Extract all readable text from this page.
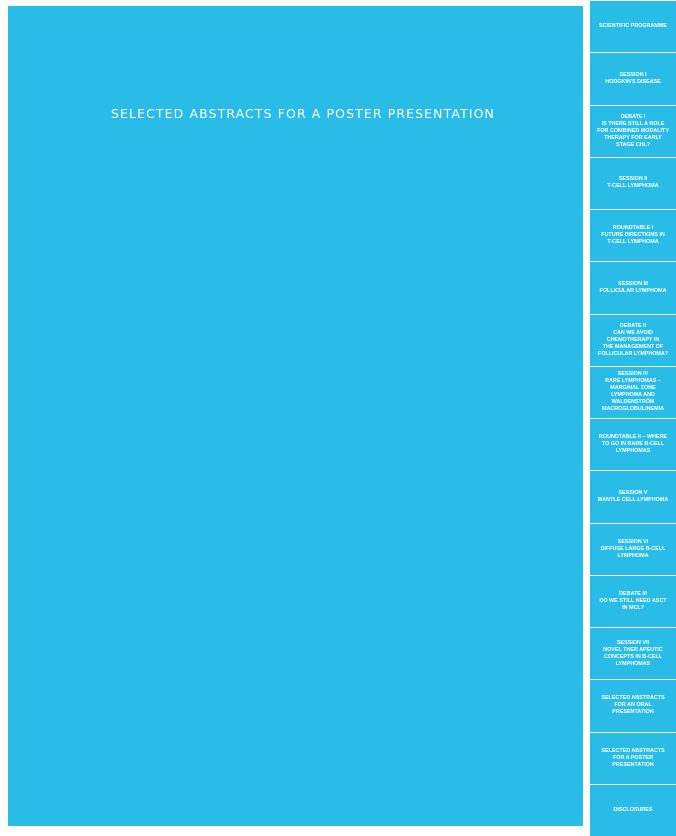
SELECTED ABSTRACTS FOR A POSTER PRESENTATION
SCIENTIFIC PROGRAMME
SESSION I
HODGKIN'S DISEASE
DEBATE I
IS THERE STILL A ROLE
FOR COMBINED MODALITY
THERAPY FOR EARLY
STAGE CHL?
SESSION II
T-CELL LYMPHOMA
ROUNDTABLE I
FUTURE DIRECTIONS IN
T-CELL LYMPHOMA
SESSION III
FOLLICULAR LYMPHOMA
DEBATE II
CAN WE AVOID
CHEMOTHERAPY IN
THE MANAGEMENT OF
FOLLICULAR LYMPHOMA?
SESSION IV
RARE LYMPHOMAS –
MARGINAL ZONE
LYMPHOMA AND
WALDENSTRÖM
MACROGLOBULINEMIA
ROUNDTABLE II – WHERE
TO GO IN RARE B-CELL
LYMPHOMAS
SESSION V
MANTLE CELL LYMPHOMA
SESSION VI
DIFFUSE LARGE B-CELL
LYMPHOMA
DEBATE III
DO WE STILL NEED ASCT
IN MCL?
SESSION VII
NOVEL THER APEUTIC
CONCEPTS IN B-CELL
LYMPHOMAS
SELECTED ABSTRACTS
FOR AN ORAL
PRESENTATION
SELECTED ABSTRACTS
FOR A POSTER
PRESENTATION
DISCLOSURES
